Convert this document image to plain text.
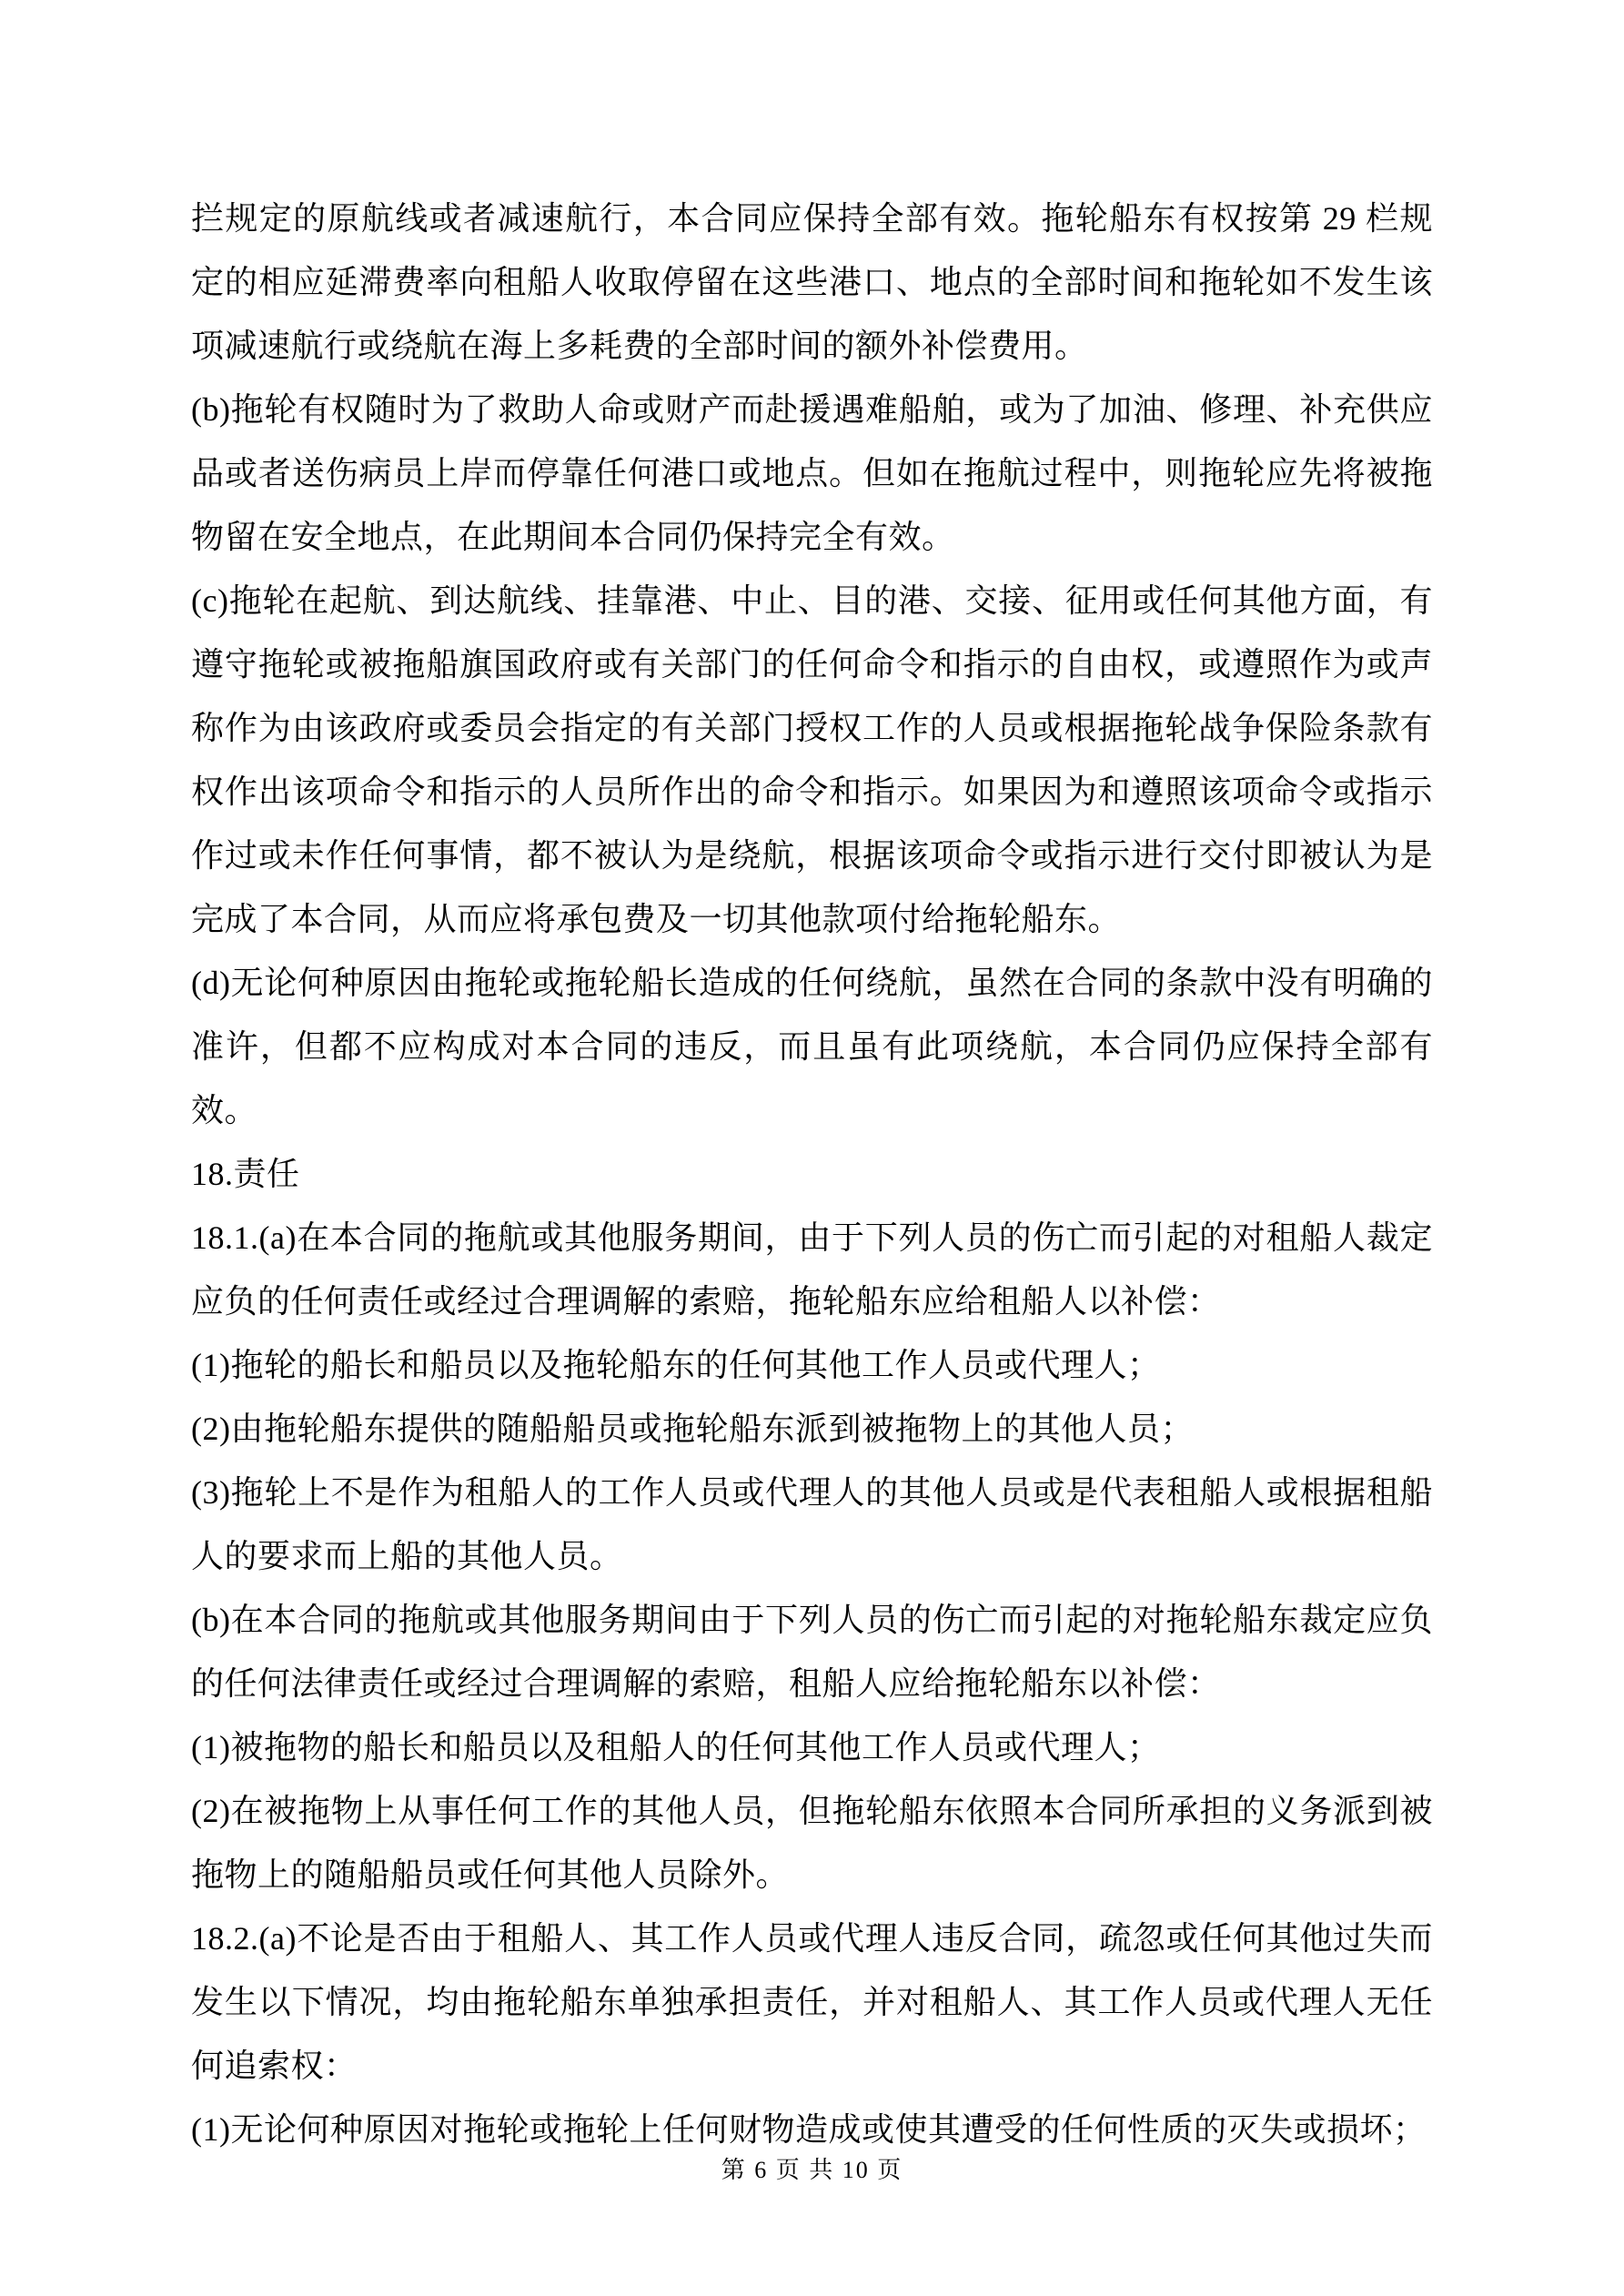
拦规定的原航线或者减速航行，本合同应保持全部有效。拖轮船东有权按第 29 栏规定的相应延滞费率向租船人收取停留在这些港口、地点的全部时间和拖轮如不发生该项减速航行或绕航在海上多耗费的全部时间的额外补偿费用。

(b)拖轮有权随时为了救助人命或财产而赴援遇难船舶，或为了加油、修理、补充供应品或者送伤病员上岸而停靠任何港口或地点。但如在拖航过程中，则拖轮应先将被拖物留在安全地点，在此期间本合同仍保持完全有效。

(c)拖轮在起航、到达航线、挂靠港、中止、目的港、交接、征用或任何其他方面，有遵守拖轮或被拖船旗国政府或有关部门的任何命令和指示的自由权，或遵照作为或声称作为由该政府或委员会指定的有关部门授权工作的人员或根据拖轮战争保险条款有权作出该项命令和指示的人员所作出的命令和指示。如果因为和遵照该项命令或指示作过或未作任何事情，都不被认为是绕航，根据该项命令或指示进行交付即被认为是完成了本合同，从而应将承包费及一切其他款项付给拖轮船东。

(d)无论何种原因由拖轮或拖轮船长造成的任何绕航，虽然在合同的条款中没有明确的准许，但都不应构成对本合同的违反，而且虽有此项绕航，本合同仍应保持全部有效。

18.责任

18.1.(a)在本合同的拖航或其他服务期间，由于下列人员的伤亡而引起的对租船人裁定应负的任何责任或经过合理调解的索赔，拖轮船东应给租船人以补偿：

(1)拖轮的船长和船员以及拖轮船东的任何其他工作人员或代理人；

(2)由拖轮船东提供的随船船员或拖轮船东派到被拖物上的其他人员；

(3)拖轮上不是作为租船人的工作人员或代理人的其他人员或是代表租船人或根据租船人的要求而上船的其他人员。

(b)在本合同的拖航或其他服务期间由于下列人员的伤亡而引起的对拖轮船东裁定应负的任何法律责任或经过合理调解的索赔，租船人应给拖轮船东以补偿：

(1)被拖物的船长和船员以及租船人的任何其他工作人员或代理人；

(2)在被拖物上从事任何工作的其他人员，但拖轮船东依照本合同所承担的义务派到被拖物上的随船船员或任何其他人员除外。

18.2.(a)不论是否由于租船人、其工作人员或代理人违反合同，疏忽或任何其他过失而发生以下情况，均由拖轮船东单独承担责任，并对租船人、其工作人员或代理人无任何追索权：

(1)无论何种原因对拖轮或拖轮上任何财物造成或使其遭受的任何性质的灭失或损坏；

第 6 页 共 10 页
